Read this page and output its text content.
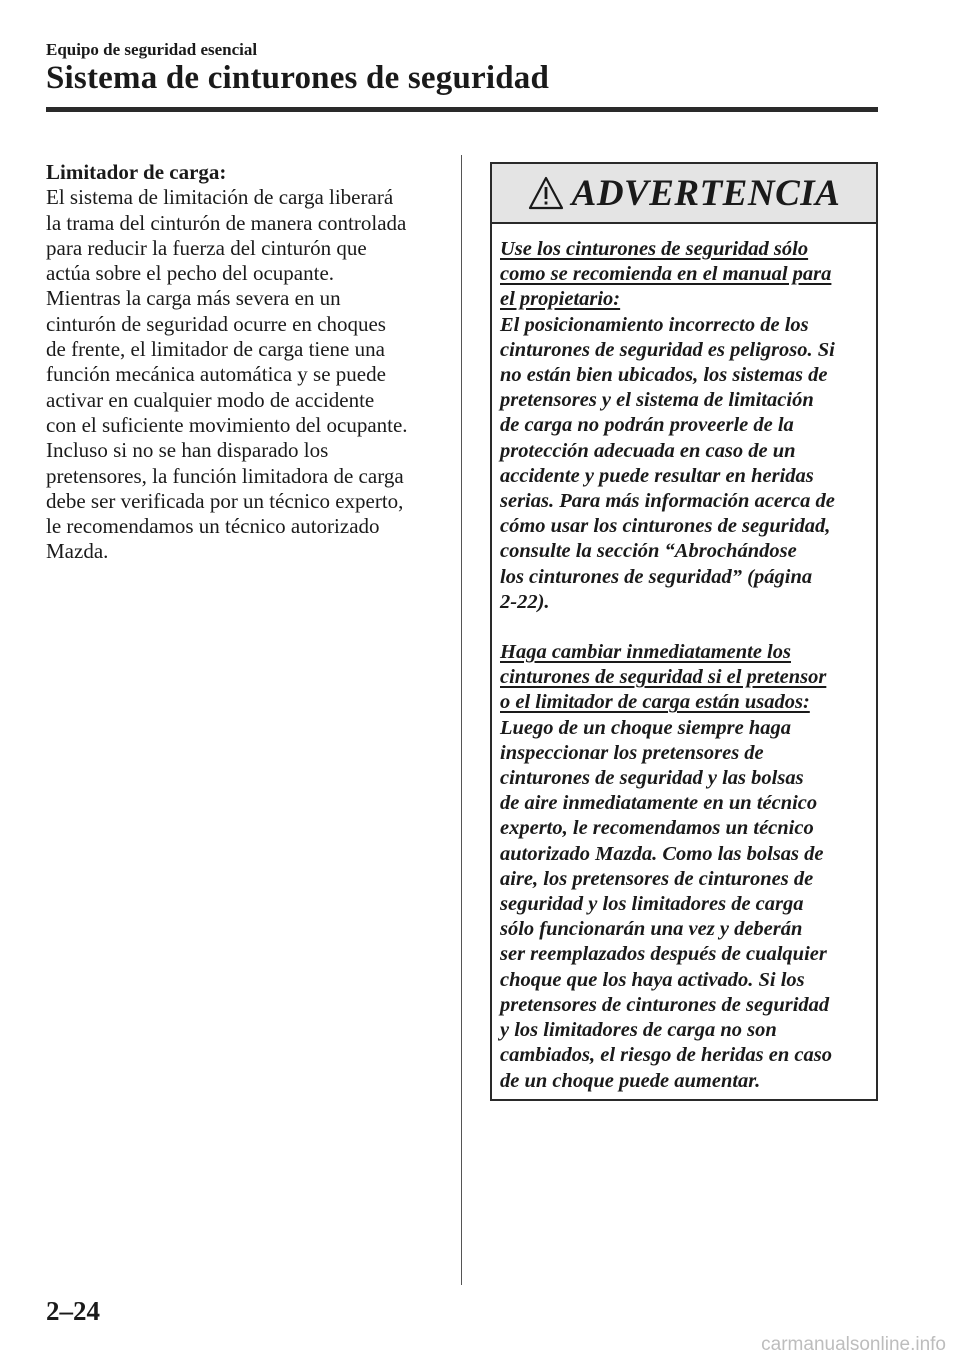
Equipo de seguridad esencial
Sistema de cinturones de seguridad
Limitador de carga:
El sistema de limitación de carga liberará
la trama del cinturón de manera controlada
para reducir la fuerza del cinturón que
actúa sobre el pecho del ocupante.
Mientras la carga más severa en un
cinturón de seguridad ocurre en choques
de frente, el limitador de carga tiene una
función mecánica automática y se puede
activar en cualquier modo de accidente
con el suficiente movimiento del ocupante.
Incluso si no se han disparado los
pretensores, la función limitadora de carga
debe ser verificada por un técnico experto,
le recomendamos un técnico autorizado
Mazda.
ADVERTENCIA
Use los cinturones de seguridad sólo
como se recomienda en el manual para
el propietario:
El posicionamiento incorrecto de los
cinturones de seguridad es peligroso. Si
no están bien ubicados, los sistemas de
pretensores y el sistema de limitación
de carga no podrán proveerle de la
protección adecuada en caso de un
accidente y puede resultar en heridas
serias. Para más información acerca de
cómo usar los cinturones de seguridad,
consulte la sección “Abrochándose
los cinturones de seguridad” (página
2-22).
Haga cambiar inmediatamente los
cinturones de seguridad si el pretensor
o el limitador de carga están usados:
Luego de un choque siempre haga
inspeccionar los pretensores de
cinturones de seguridad y las bolsas
de aire inmediatamente en un técnico
experto, le recomendamos un técnico
autorizado Mazda. Como las bolsas de
aire, los pretensores de cinturones de
seguridad y los limitadores de carga
sólo funcionarán una vez y deberán
ser reemplazados después de cualquier
choque que los haya activado. Si los
pretensores de cinturones de seguridad
y los limitadores de carga no son
cambiados, el riesgo de heridas en caso
de un choque puede aumentar.
2–24
carmanualsonline.info
